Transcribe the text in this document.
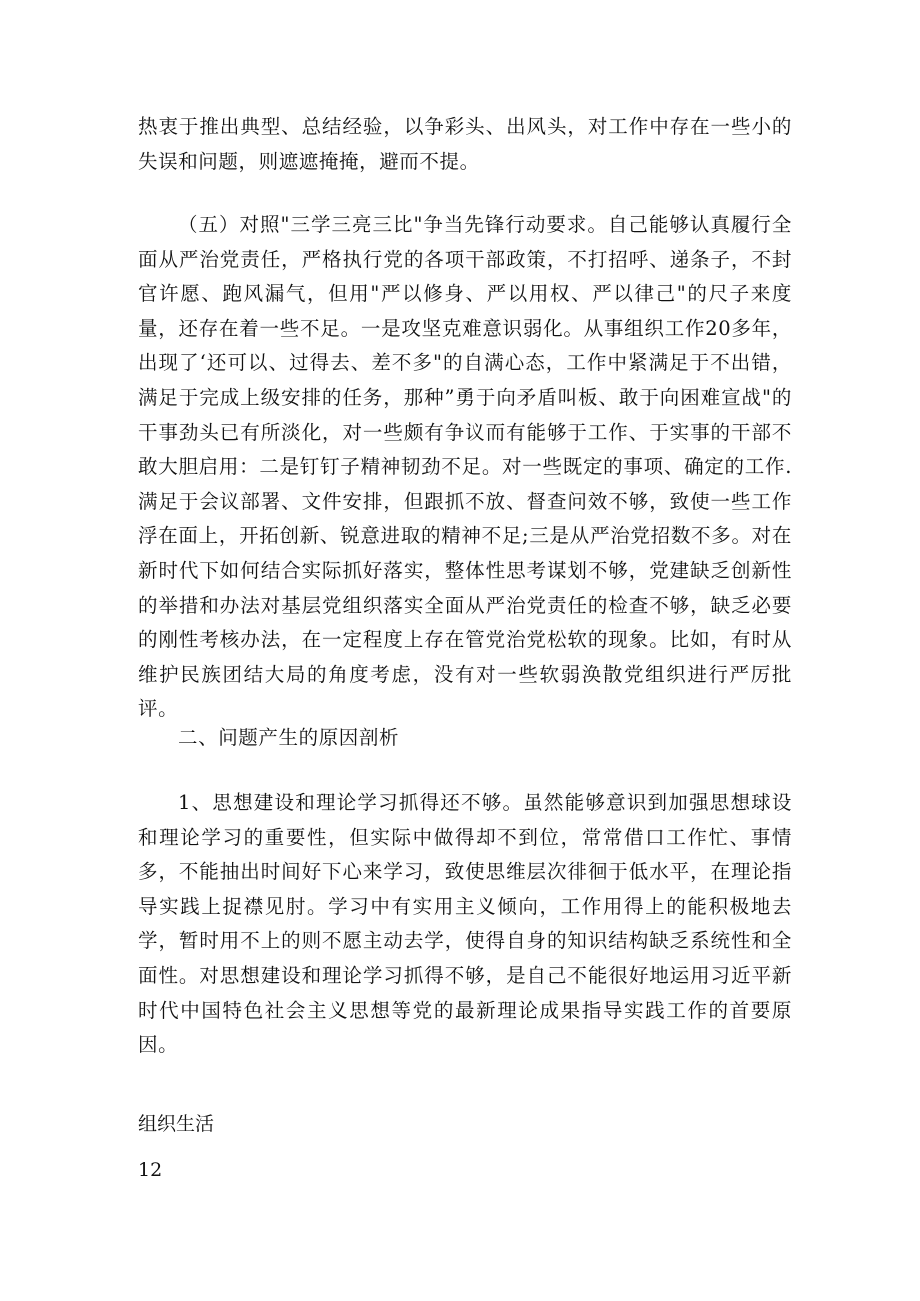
热衷于推出典型、总结经验，以争彩头、出风头，对工作中存在一些小的失误和问题，则遮遮掩掩，避而不提。

（五）对照"三学三亮三比"争当先锋行动要求。自己能够认真履行全面从严治党责任，严格执行党的各项干部政策，不打招呼、递条子，不封官许愿、跑风漏气，但用"严以修身、严以用权、严以律己"的尺子来度量，还存在着一些不足。一是攻坚克难意识弱化。从事组织工作20多年，出现了‘还可以、过得去、差不多"的自满心态，工作中紧满足于不出错，满足于完成上级安排的任务，那种”勇于向矛盾叫板、敢于向困难宣战"的干事劲头已有所淡化，对一些颇有争议而有能够于工作、于实事的干部不敢大胆启用：二是钉钉子精神韧劲不足。对一些既定的事项、确定的工作.满足于会议部署、文件安排，但跟抓不放、督查问效不够，致使一些工作浮在面上，开拓创新、锐意进取的精神不足;三是从严治党招数不多。对在新时代下如何结合实际抓好落实，整体性思考谋划不够，党建缺乏创新性的举措和办法对基层党组织落实全面从严治党责任的检查不够，缺乏必要的刚性考核办法，在一定程度上存在管党治党松软的现象。比如，有时从维护民族团结大局的角度考虑，没有对一些软弱涣散党组织进行严厉批评。

二、问题产生的原因剖析

1、思想建设和理论学习抓得还不够。虽然能够意识到加强思想球设和理论学习的重要性，但实际中做得却不到位，常常借口工作忙、事情多，不能抽出时间好下心来学习，致使思维层次徘徊于低水平，在理论指导实践上捉襟见肘。学习中有实用主义倾向，工作用得上的能积极地去学，暂时用不上的则不愿主动去学，使得自身的知识结构缺乏系统性和全面性。对思想建设和理论学习抓得不够，是自己不能很好地运用习近平新时代中国特色社会主义思想等党的最新理论成果指导实践工作的首要原因。

组织生活
12
